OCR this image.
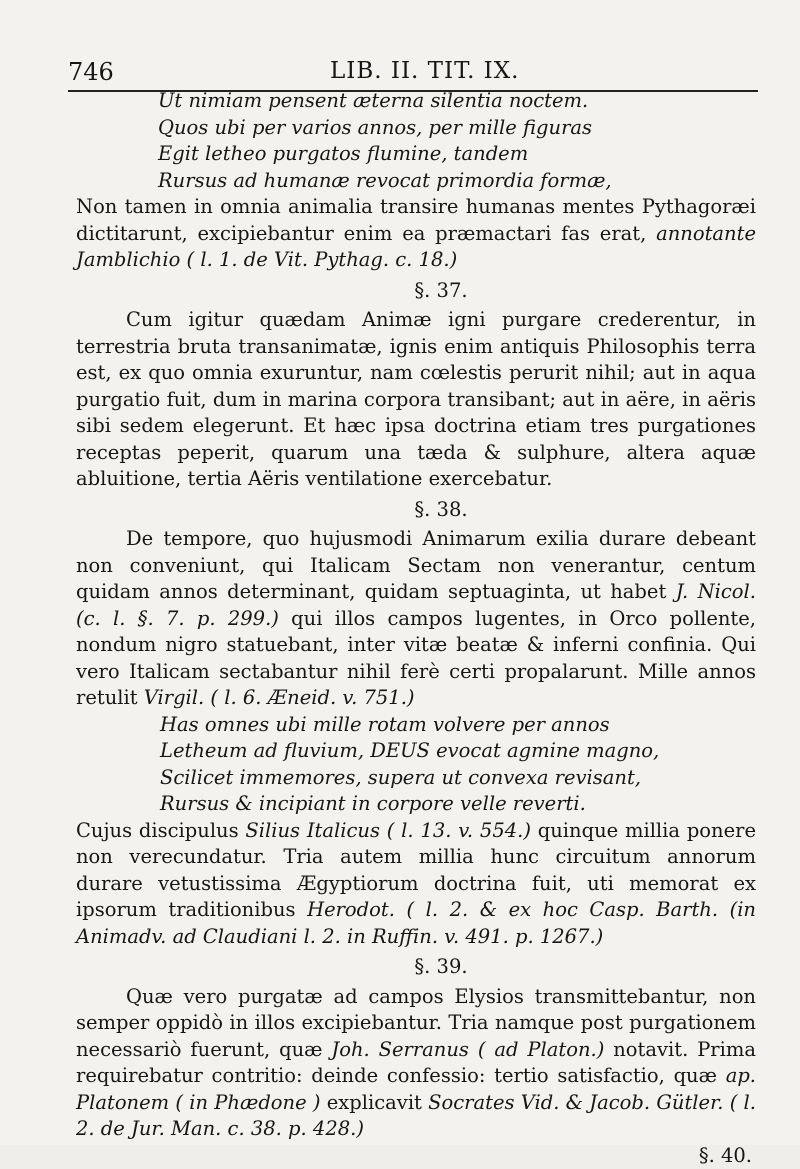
746	LIB. II. TIT. IX.
Ut nimiam pensent æterna silentia noctem.
Quos ubi per varios annos, per mille figuras
Egit letheo purgatos flumine, tandem
Rursus ad humanæ revocat primordia formæ,
Non tamen in omnia animalia transire humanas mentes Pythagoræi dictitarunt, excipiebantur enim ea præmactari fas erat, annotante Jamblichio ( l. 1. de Vit. Pythag. c. 18.)
§. 37.
Cum igitur quædam Animæ igni purgare crederentur, in terrestria bruta transanimatæ, ignis enim antiquis Philosophis terra est, ex quo omnia exuruntur, nam cœlestis perurit nihil; aut in aqua purgatio fuit, dum in marina corpora transibant; aut in aëre, in aëris sibi sedem elegerunt. Et hæc ipsa doctrina etiam tres purgationes receptas peperit, quarum una tæda & sulphure, altera aquæ abluitione, tertia Aëris ventilatione exercebatur.
§. 38.
De tempore, quo hujusmodi Animarum exilia durare debeant non conveniunt, qui Italicam Sectam non venerantur, centum quidam annos determinant, quidam septuaginta, ut habet J. Nicol. (c. l. §. 7. p. 299.) qui illos campos lugentes, in Orco pollente, nondum nigro statuebant, inter vitæ beatæ & inferni confinia. Qui vero Italicam sectabantur nihil ferè certi propalarunt. Mille annos retulit Virgil. ( l. 6. Æneid. v. 751.)
Has omnes ubi mille rotam volvere per annos
Letheum ad fluvium, DEUS evocat agmine magno,
Scilicet immemores, supera ut convexa revisant,
Rursus & incipiant in corpore velle reverti.
Cujus discipulus Silius Italicus ( l. 13. v. 554.) quinque millia ponere non verecundatur. Tria autem millia hunc circuitum annorum durare vetustissima Ægyptiorum doctrina fuit, uti memorat ex ipsorum traditionibus Herodot. ( l. 2. & ex hoc Casp. Barth. (in Animadv. ad Claudiani l. 2. in Ruffin. v. 491. p. 1267.)
§. 39.
Quæ vero purgatæ ad campos Elysios transmittebantur, non semper oppidò in illos excipiebantur. Tria namque post purgationem necessariò fuerunt, quæ Joh. Serranus ( ad Platon.) notavit. Prima requirebatur contritio: deinde confessio: tertio satisfactio, quæ ap. Platonem ( in Phædone ) explicavit Socrates Vid. & Jacob. Gütler. ( l. 2. de Jur. Man. c. 38. p. 428.)
§. 40.
